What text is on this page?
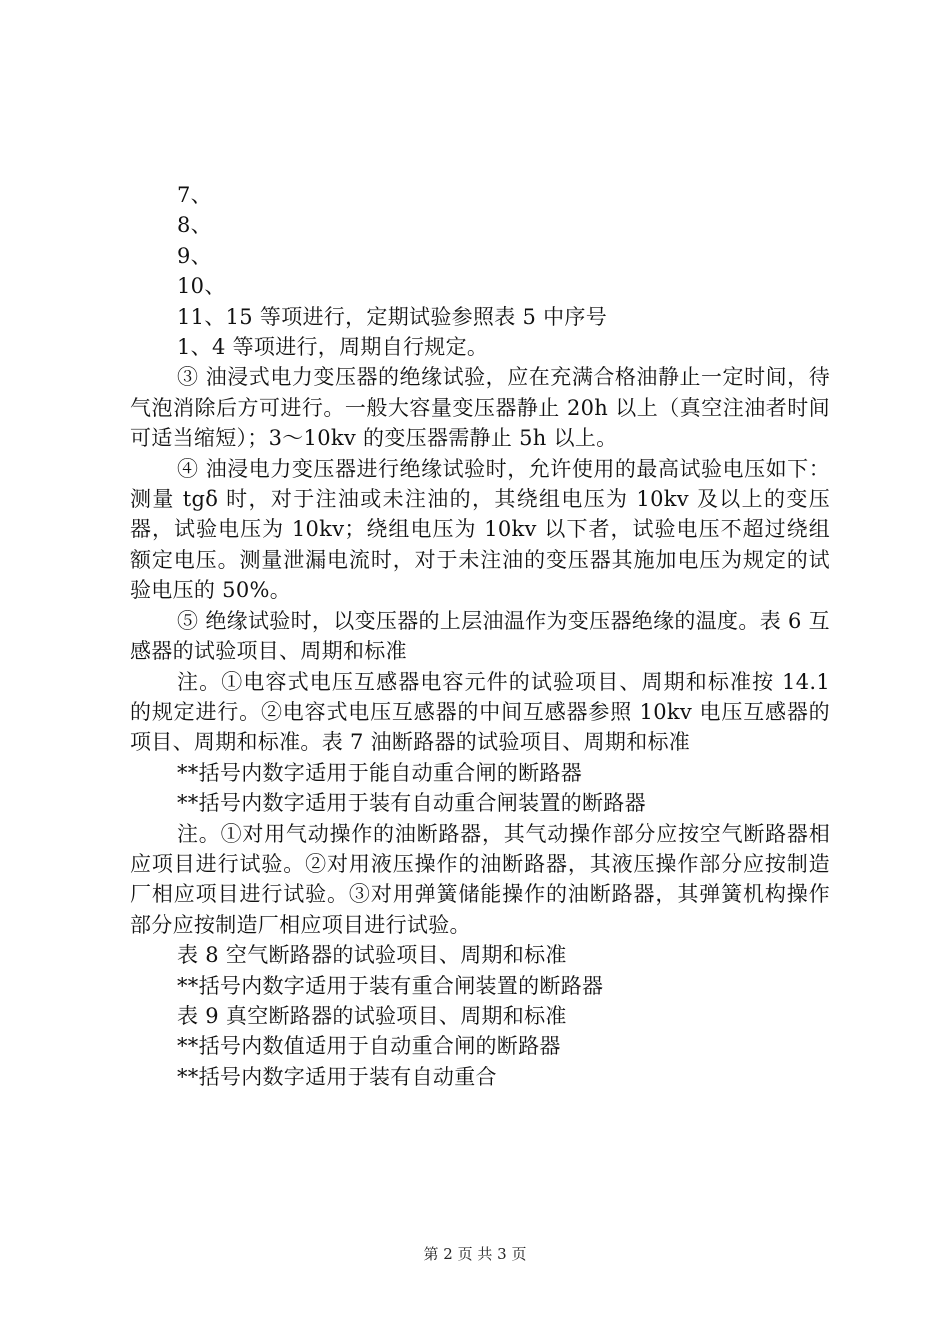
7、

8、

9、

10、

11、15 等项进行，定期试验参照表 5 中序号

1、4 等项进行，周期自行规定。

③ 油浸式电力变压器的绝缘试验，应在充满合格油静止一定时间，待气泡消除后方可进行。一般大容量变压器静止 20h 以上（真空注油者时间可适当缩短）；3～10kv 的变压器需静止 5h 以上。

④ 油浸电力变压器进行绝缘试验时，允许使用的最高试验电压如下：测量 tgδ 时，对于注油或未注油的，其绕组电压为 10kv 及以上的变压器，试验电压为 10kv；绕组电压为 10kv 以下者，试验电压不超过绕组额定电压。测量泄漏电流时，对于未注油的变压器其施加电压为规定的试验电压的 50%。

⑤ 绝缘试验时，以变压器的上层油温作为变压器绝缘的温度。表 6 互感器的试验项目、周期和标准

注。①电容式电压互感器电容元件的试验项目、周期和标准按 14.1 的规定进行。②电容式电压互感器的中间互感器参照 10kv 电压互感器的项目、周期和标准。表 7 油断路器的试验项目、周期和标准

**括号内数字适用于能自动重合闸的断路器

**括号内数字适用于装有自动重合闸装置的断路器

注。①对用气动操作的油断路器，其气动操作部分应按空气断路器相应项目进行试验。②对用液压操作的油断路器，其液压操作部分应按制造厂相应项目进行试验。③对用弹簧储能操作的油断路器，其弹簧机构操作部分应按制造厂相应项目进行试验。

表 8 空气断路器的试验项目、周期和标准

**括号内数字适用于装有重合闸装置的断路器

表 9 真空断路器的试验项目、周期和标准

**括号内数值适用于自动重合闸的断路器

**括号内数字适用于装有自动重合

第 2 页 共 3 页
